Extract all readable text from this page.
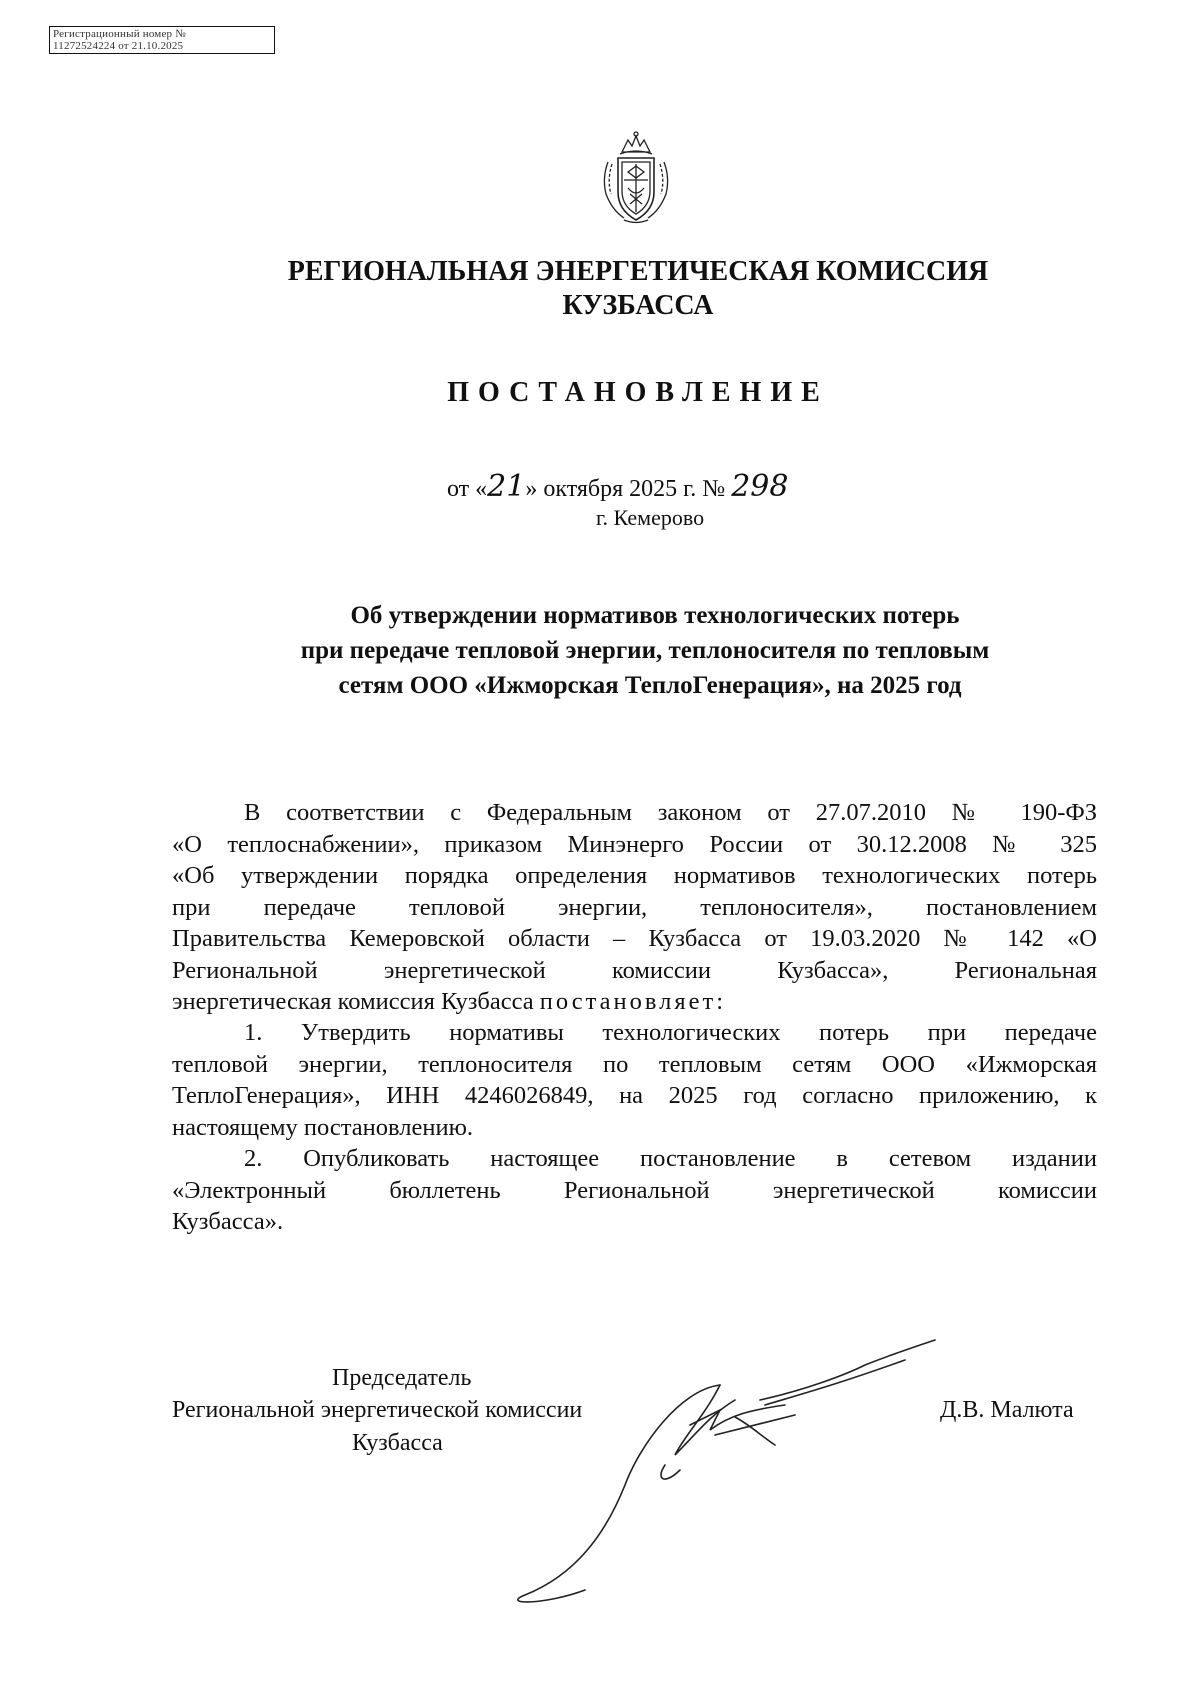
Регистрационный номер №
11272524224 от 21.10.2025
РЕГИОНАЛЬНАЯ ЭНЕРГЕТИЧЕСКАЯ КОМИССИЯ
КУЗБАССА
ПОСТАНОВЛЕНИЕ
от «21» октября 2025 г. № 298
г. Кемерово
Об утверждении нормативов технологических потерь
при передаче тепловой энергии, теплоносителя по тепловым
сетям ООО «Ижморская ТеплоГенерация», на 2025 год
В соответствии с Федеральным законом от 27.07.2010 № 190-ФЗ
«О теплоснабжении», приказом Минэнерго России от 30.12.2008 № 325
«Об утверждении порядка определения нормативов технологических потерь
при передаче тепловой энергии, теплоносителя», постановлением
Правительства Кемеровской области – Кузбасса от 19.03.2020 № 142 «О
Региональной энергетической комиссии Кузбасса», Региональная
энергетическая комиссия Кузбасса постановляет:
1. Утвердить нормативы технологических потерь при передаче
тепловой энергии, теплоносителя по тепловым сетям ООО «Ижморская
ТеплоГенерация», ИНН 4246026849, на 2025 год согласно приложению, к
настоящему постановлению.
2. Опубликовать настоящее постановление в сетевом издании
«Электронный бюллетень Региональной энергетической комиссии
Кузбасса».
Председатель
Региональной энергетической комиссии
Кузбасса
Д.В. Малюта
